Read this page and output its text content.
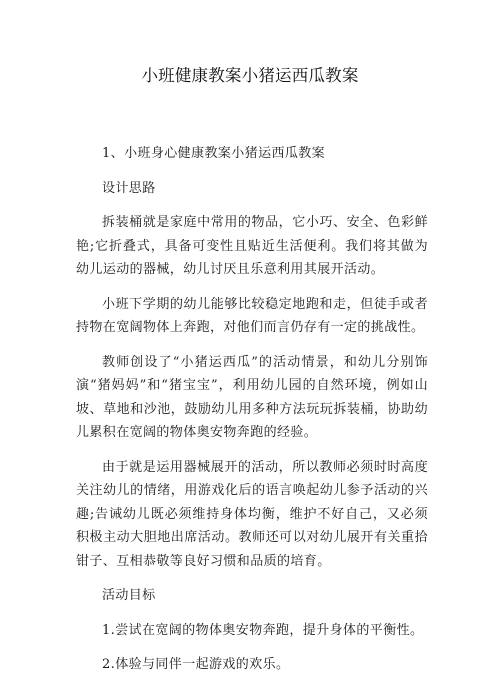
小班健康教案小猪运西瓜教案

1、小班身心健康教案小猪运西瓜教案

设计思路

拆装桶就是家庭中常用的物品，它小巧、安全、色彩鲜艳;它折叠式，具备可变性且贴近生活便利。我们将其做为幼儿运动的器械，幼儿讨厌且乐意利用其展开活动。

小班下学期的幼儿能够比较稳定地跑和走，但徒手或者持物在宽阔物体上奔跑，对他们而言仍存有一定的挑战性。

教师创设了“小猪运西瓜”的活动情景，和幼儿分别饰演“猪妈妈”和“猪宝宝”，利用幼儿园的自然环境，例如山坡、草地和沙池，鼓励幼儿用多种方法玩玩拆装桶，协助幼儿累积在宽阔的物体奥安物奔跑的经验。

由于就是运用器械展开的活动，所以教师必须时时高度关注幼儿的情绪，用游戏化后的语言唤起幼儿参予活动的兴趣;告诫幼儿既必须维持身体均衡，维护不好自己，又必须积极主动大胆地出席活动。教师还可以对幼儿展开有关重拾钳子、互相恭敬等良好习惯和品质的培育。

活动目标

1.尝试在宽阔的物体奥安物奔跑，提升身体的平衡性。

2.体验与同伴一起游戏的欢乐。
